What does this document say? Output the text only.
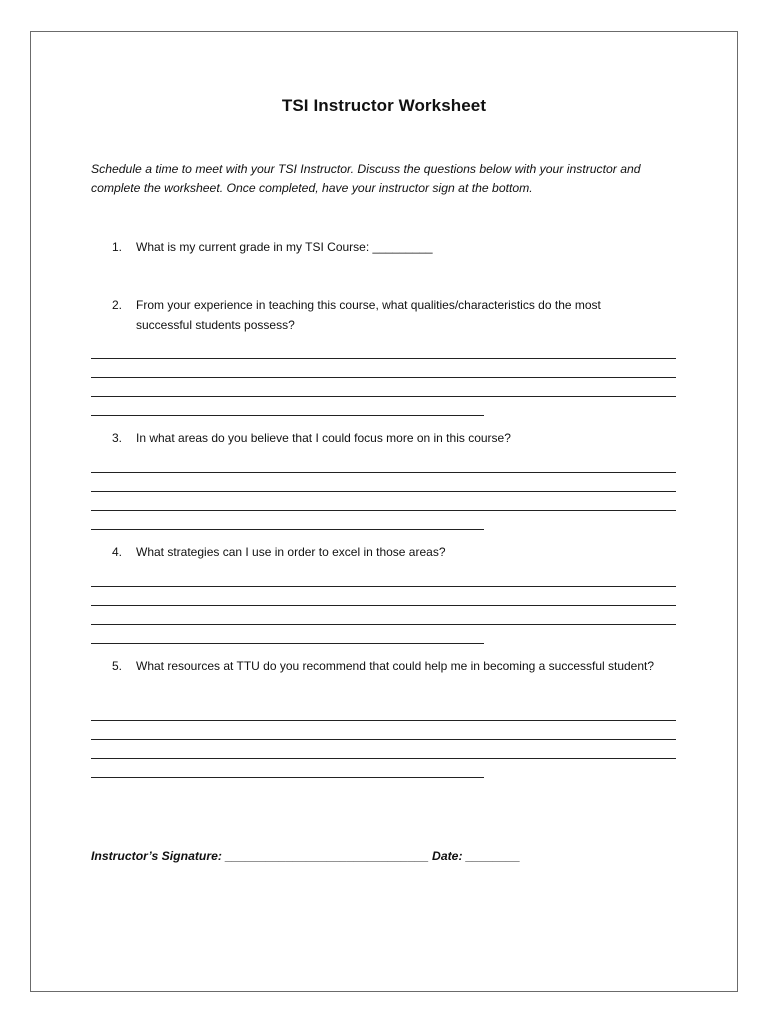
TSI Instructor Worksheet
Schedule a time to meet with your TSI Instructor. Discuss the questions below with your instructor and complete the worksheet. Once completed, have your instructor sign at the bottom.
1.	What is my current grade in my TSI Course: _________
2.	From your experience in teaching this course, what qualities/characteristics do the most successful students possess?
3.	In what areas do you believe that I could focus more on in this course?
4.	What strategies can I use in order to excel in those areas?
5.	What resources at TTU do you recommend that could help me in becoming a successful student?
Instructor’s Signature: ______________________________ Date: ________
